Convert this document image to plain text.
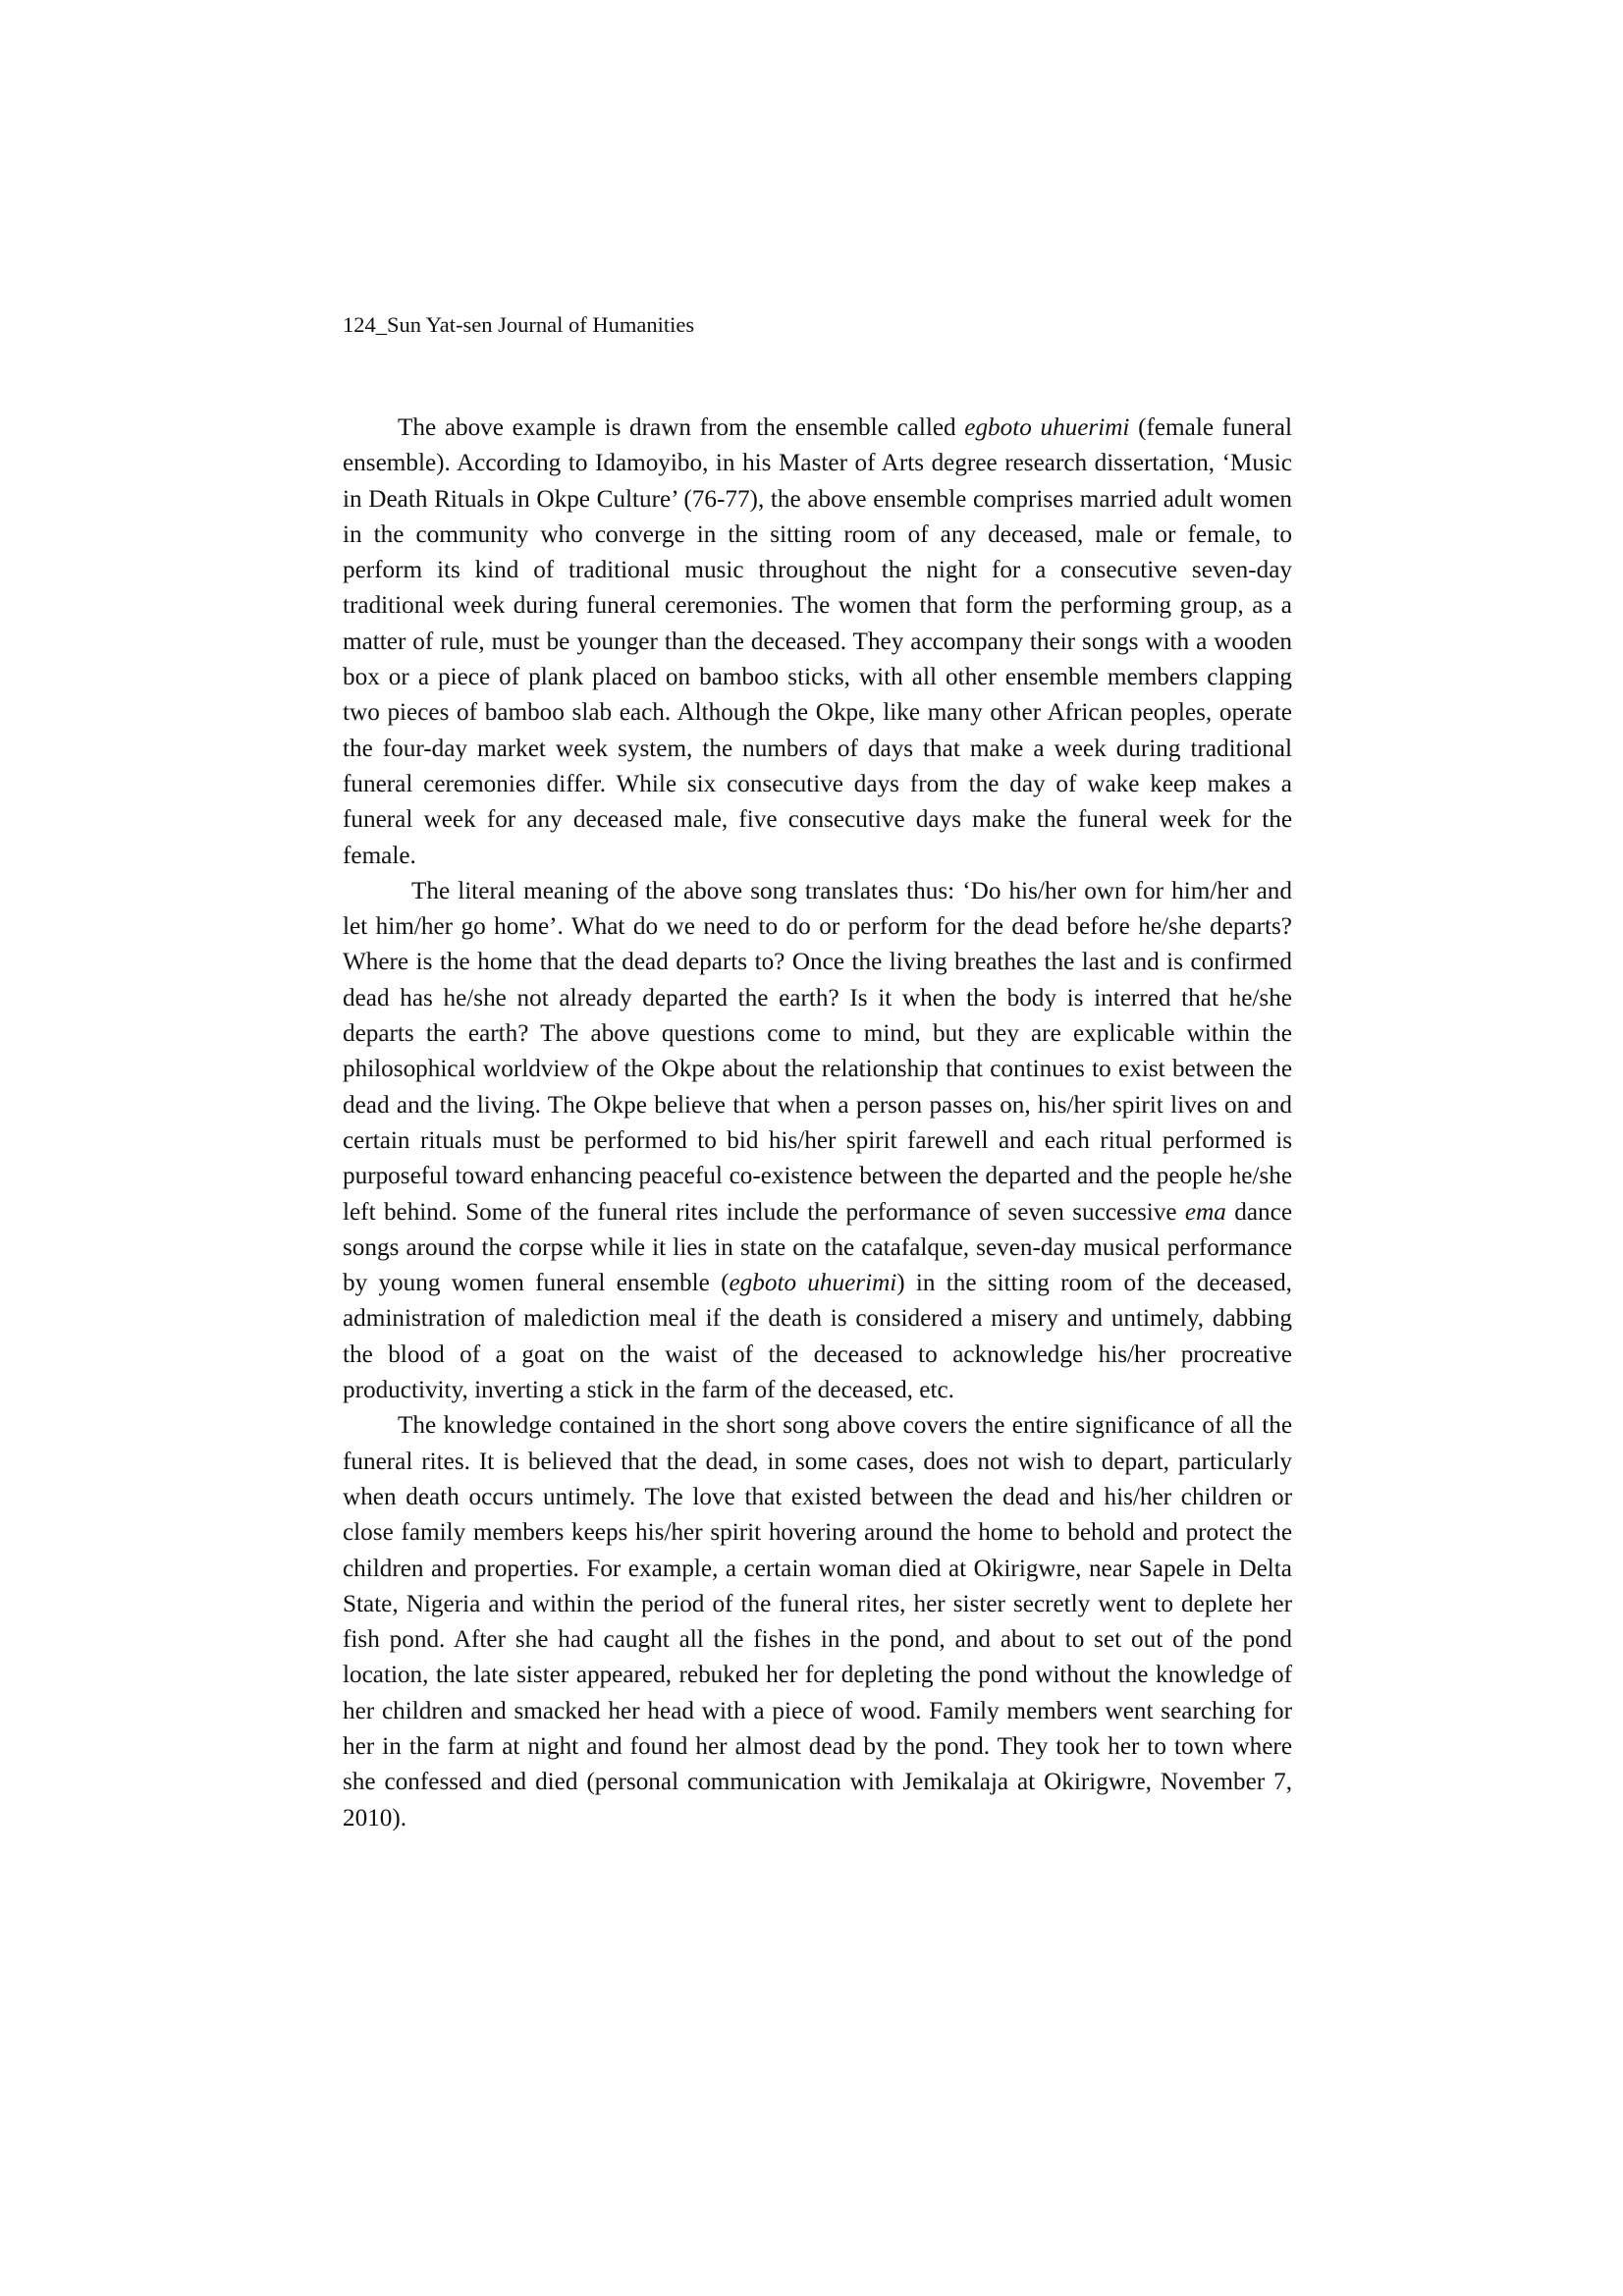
124_Sun Yat-sen Journal of Humanities

The above example is drawn from the ensemble called egboto uhuerimi (female funeral ensemble). According to Idamoyibo, in his Master of Arts degree research dissertation, ‘Music in Death Rituals in Okpe Culture’ (76-77), the above ensemble comprises married adult women in the community who converge in the sitting room of any deceased, male or female, to perform its kind of traditional music throughout the night for a consecutive seven-day traditional week during funeral ceremonies. The women that form the performing group, as a matter of rule, must be younger than the deceased. They accompany their songs with a wooden box or a piece of plank placed on bamboo sticks, with all other ensemble members clapping two pieces of bamboo slab each. Although the Okpe, like many other African peoples, operate the four-day market week system, the numbers of days that make a week during traditional funeral ceremonies differ. While six consecutive days from the day of wake keep makes a funeral week for any deceased male, five consecutive days make the funeral week for the female.

The literal meaning of the above song translates thus: ‘Do his/her own for him/her and let him/her go home’. What do we need to do or perform for the dead before he/she departs? Where is the home that the dead departs to? Once the living breathes the last and is confirmed dead has he/she not already departed the earth? Is it when the body is interred that he/she departs the earth? The above questions come to mind, but they are explicable within the philosophical worldview of the Okpe about the relationship that continues to exist between the dead and the living. The Okpe believe that when a person passes on, his/her spirit lives on and certain rituals must be performed to bid his/her spirit farewell and each ritual performed is purposeful toward enhancing peaceful co-existence between the departed and the people he/she left behind. Some of the funeral rites include the performance of seven successive ema dance songs around the corpse while it lies in state on the catafalque, seven-day musical performance by young women funeral ensemble (egboto uhuerimi) in the sitting room of the deceased, administration of malediction meal if the death is considered a misery and untimely, dabbing the blood of a goat on the waist of the deceased to acknowledge his/her procreative productivity, inverting a stick in the farm of the deceased, etc.

The knowledge contained in the short song above covers the entire significance of all the funeral rites. It is believed that the dead, in some cases, does not wish to depart, particularly when death occurs untimely. The love that existed between the dead and his/her children or close family members keeps his/her spirit hovering around the home to behold and protect the children and properties. For example, a certain woman died at Okirigwre, near Sapele in Delta State, Nigeria and within the period of the funeral rites, her sister secretly went to deplete her fish pond. After she had caught all the fishes in the pond, and about to set out of the pond location, the late sister appeared, rebuked her for depleting the pond without the knowledge of her children and smacked her head with a piece of wood. Family members went searching for her in the farm at night and found her almost dead by the pond. They took her to town where she confessed and died (personal communication with Jemikalaja at Okirigwre, November 7, 2010).
